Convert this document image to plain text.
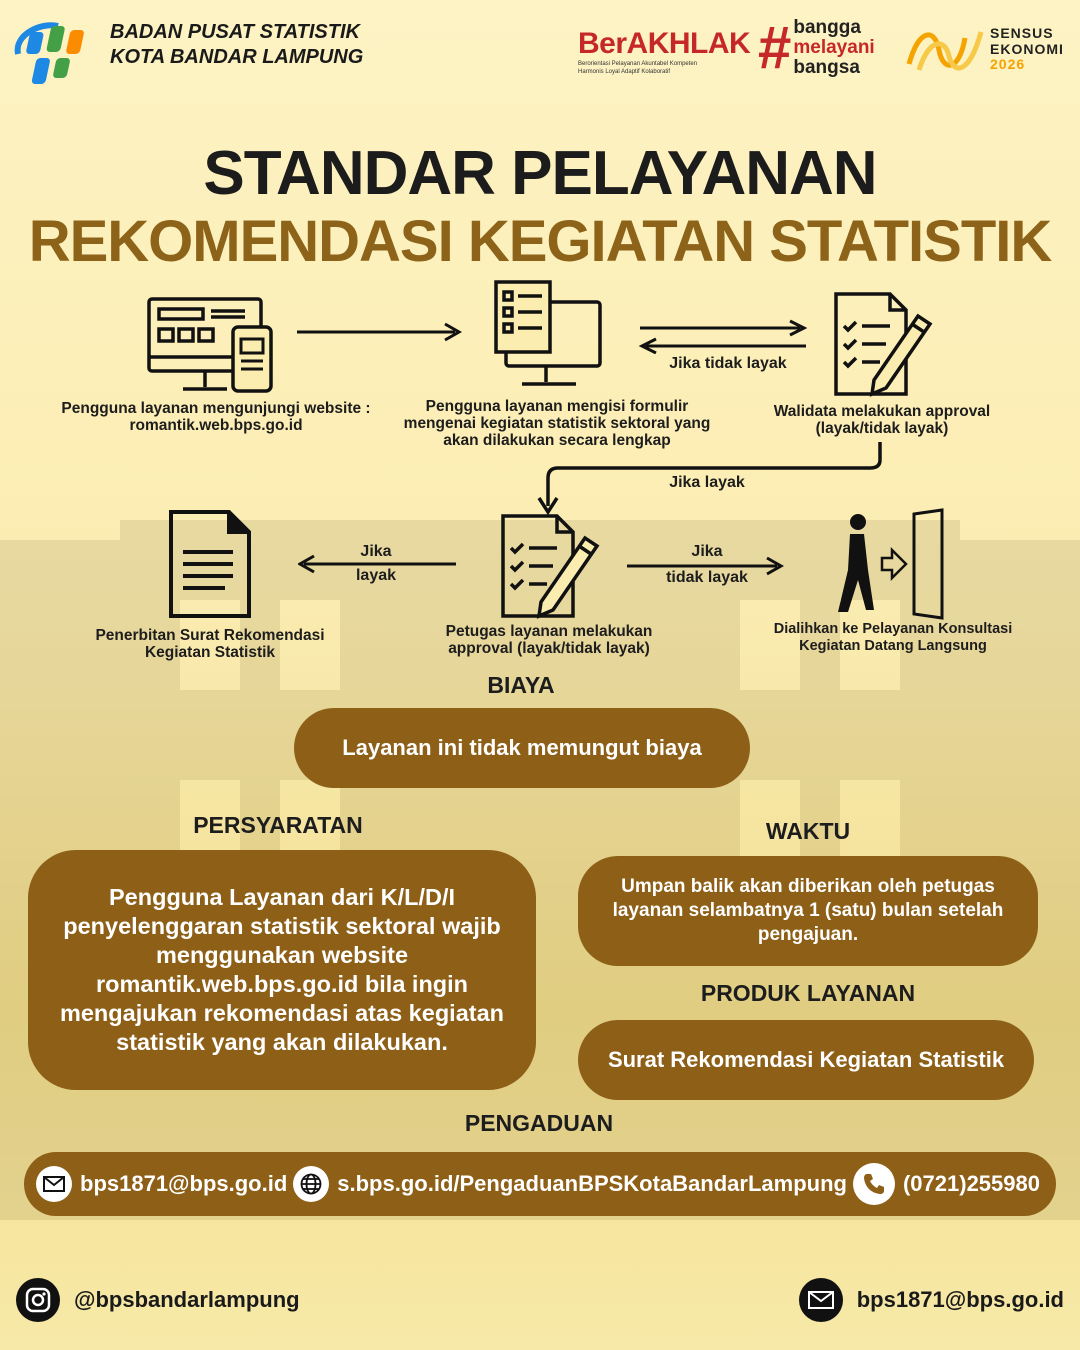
BADAN PUSAT STATISTIK
KOTA BANDAR LAMPUNG	BerAKHLAK
Berorientasi Pelayanan Akuntabel Kompeten
Harmonis Loyal Adaptif Kolaboratif	# bangga
melayani
bangsa
SENSUS
EKONOMI
2026
STANDAR PELAYANAN
REKOMENDASI KEGIATAN STATISTIK
Pengguna layanan mengunjungi website :
romantik.web.bps.go.id
Pengguna layanan mengisi formulir
mengenai kegiatan statistik sektoral yang
akan dilakukan secara lengkap
Jika tidak layak
Walidata melakukan approval
(layak/tidak layak)
Jika layak
Petugas layanan melakukan
approval (layak/tidak layak)
Jika
layak
Penerbitan Surat Rekomendasi
Kegiatan Statistik
Jika
tidak layak
Dialihkan ke Pelayanan Konsultasi
Kegiatan Datang Langsung
BIAYA
Layanan ini tidak memungut biaya
PERSYARATAN
Pengguna Layanan dari K/L/D/I
penyelenggaran statistik sektoral wajib
menggunakan website
romantik.web.bps.go.id bila ingin
mengajukan rekomendasi atas kegiatan
statistik yang akan dilakukan.
WAKTU
Umpan balik akan diberikan oleh petugas
layanan selambatnya 1 (satu) bulan setelah
pengajuan.
PRODUK LAYANAN
Surat Rekomendasi Kegiatan Statistik
PENGADUAN
bps1871@bps.go.id s.bps.go.id/PengaduanBPSKotaBandarLampung	(0721)255980
@bpsbandarlampung	bps1871@bps.go.id
